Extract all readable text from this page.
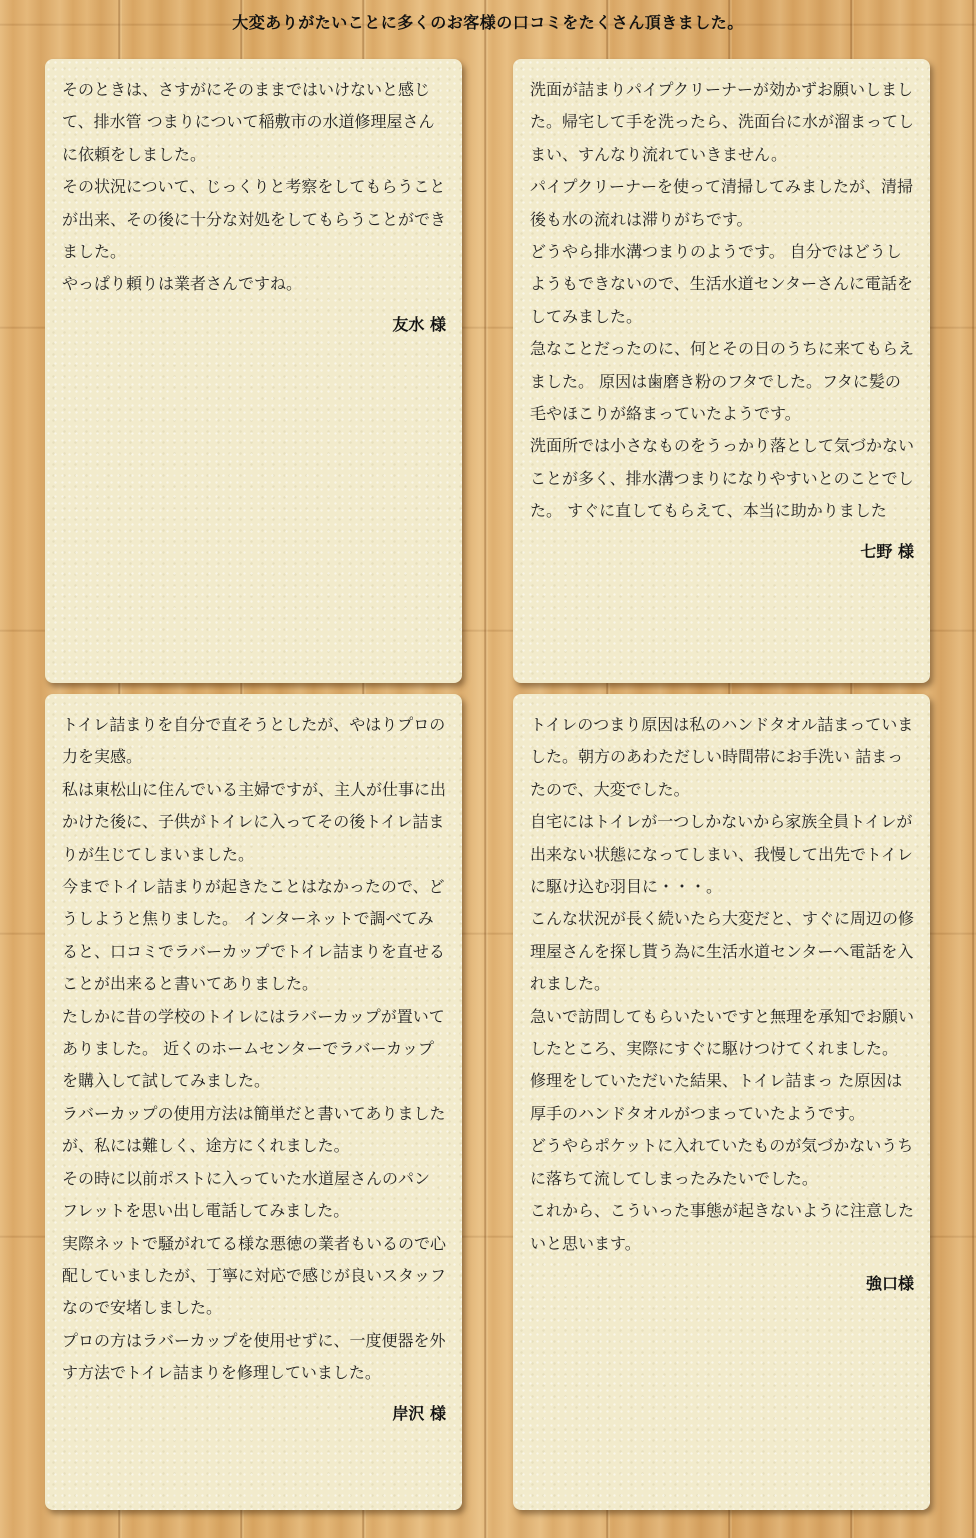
大変ありがたいことに多くのお客様の口コミをたくさん頂きました。

そのときは、さすがにそのままではいけないと感じて、排水管 つまりについて稲敷市の水道修理屋さんに依頼をしました。

その状況について、じっくりと考察をしてもらうことが出来、その後に十分な対処をしてもらうことができました。

やっぱり頼りは業者さんですね。

友水 様

洗面が詰まりパイプクリーナーが効かずお願いしました。帰宅して手を洗ったら、洗面台に水が溜まってしまい、すんなり流れていきません。

パイプクリーナーを使って清掃してみましたが、清掃後も水の流れは滞りがちです。

どうやら排水溝つまりのようです。 自分ではどうしようもできないので、生活水道センターさんに電話をしてみました。

急なことだったのに、何とその日のうちに来てもらえました。 原因は歯磨き粉のフタでした。フタに髪の毛やほこりが絡まっていたようです。

洗面所では小さなものをうっかり落として気づかないことが多く、排水溝つまりになりやすいとのことでした。 すぐに直してもらえて、本当に助かりました

七野 様

トイレ詰まりを自分で直そうとしたが、やはりプロの力を実感。

私は東松山に住んでいる主婦ですが、主人が仕事に出かけた後に、子供がトイレに入ってその後トイレ詰まりが生じてしまいました。

今までトイレ詰まりが起きたことはなかったので、どうしようと焦りました。 インターネットで調べてみると、口コミでラバーカップでトイレ詰まりを直せることが出来ると書いてありました。

たしかに昔の学校のトイレにはラバーカップが置いてありました。 近くのホームセンターでラバーカップを購入して試してみました。

ラバーカップの使用方法は簡単だと書いてありましたが、私には難しく、途方にくれました。

その時に以前ポストに入っていた水道屋さんのパンフレットを思い出し電話してみました。

実際ネットで騒がれてる様な悪徳の業者もいるので心配していましたが、丁寧に対応で感じが良いスタッフなので安堵しました。

プロの方はラバーカップを使用せずに、一度便器を外す方法でトイレ詰まりを修理していました。

岸沢 様

トイレのつまり原因は私のハンドタオル詰まっていました。朝方のあわただしい時間帯にお手洗い 詰まったので、大変でした。

自宅にはトイレが一つしかないから家族全員トイレが出来ない状態になってしまい、我慢して出先でトイレに駆け込む羽目に・・・。

こんな状況が長く続いたら大変だと、すぐに周辺の修理屋さんを探し貰う為に生活水道センターへ電話を入れました。

急いで訪問してもらいたいですと無理を承知でお願いしたところ、実際にすぐに駆けつけてくれました。

修理をしていただいた結果、トイレ詰まっ た原因は厚手のハンドタオルがつまっていたようです。

どうやらポケットに入れていたものが気づかないうちに落ちて流してしまったみたいでした。

これから、こういった事態が起きないように注意したいと思います。

強口様
